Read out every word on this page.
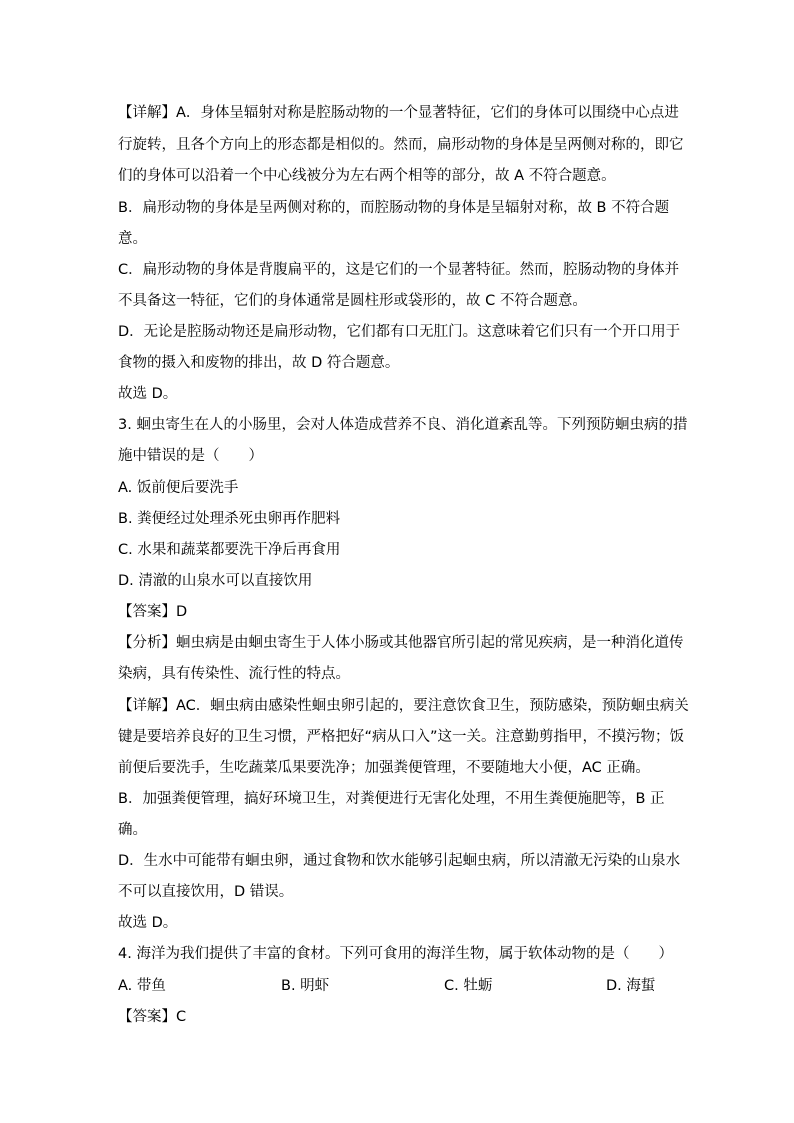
【详解】A．身体呈辐射对称是腔肠动物的一个显著特征，它们的身体可以围绕中心点进
行旋转，且各个方向上的形态都是相似的。然而，扁形动物的身体是呈两侧对称的，即它
们的身体可以沿着一个中心线被分为左右两个相等的部分，故 A 不符合题意。
B．扁形动物的身体是呈两侧对称的，而腔肠动物的身体是呈辐射对称，故 B 不符合题
意。
C．扁形动物的身体是背腹扁平的，这是它们的一个显著特征。然而，腔肠动物的身体并
不具备这一特征，它们的身体通常是圆柱形或袋形的，故 C 不符合题意。
D．无论是腔肠动物还是扁形动物，它们都有口无肛门。这意味着它们只有一个开口用于
食物的摄入和废物的排出，故 D 符合题意。
故选 D。
3. 蛔虫寄生在人的小肠里，会对人体造成营养不良、消化道紊乱等。下列预防蛔虫病的措
施中错误的是（　　）
A. 饭前便后要洗手
B. 粪便经过处理杀死虫卵再作肥料
C. 水果和蔬菜都要洗干净后再食用
D. 清澈的山泉水可以直接饮用
【答案】D
【分析】蛔虫病是由蛔虫寄生于人体小肠或其他器官所引起的常见疾病，是一种消化道传
染病，具有传染性、流行性的特点。
【详解】AC．蛔虫病由感染性蛔虫卵引起的，要注意饮食卫生，预防感染，预防蛔虫病关
键是要培养良好的卫生习惯，严格把好“病从口入”这一关。注意勤剪指甲，不摸污物；饭
前便后要洗手，生吃蔬菜瓜果要洗净；加强粪便管理，不要随地大小便，AC 正确。
B．加强粪便管理，搞好环境卫生，对粪便进行无害化处理，不用生粪便施肥等，B 正
确。
D．生水中可能带有蛔虫卵，通过食物和饮水能够引起蛔虫病，所以清澈无污染的山泉水
不可以直接饮用，D 错误。
故选 D。
4. 海洋为我们提供了丰富的食材。下列可食用的海洋生物，属于软体动物的是（　　）
A. 带鱼	B. 明虾	C. 牡蛎	D. 海蜇
【答案】C
